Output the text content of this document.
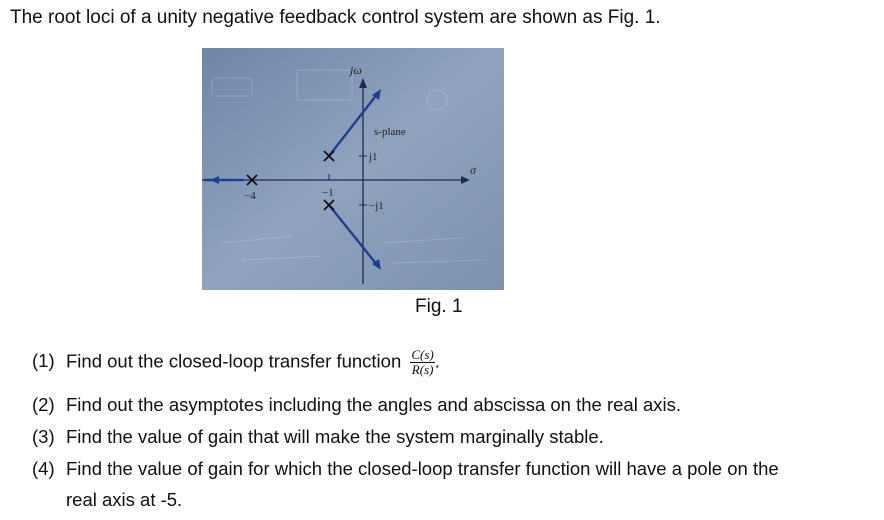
The root loci of a unity negative feedback control system are shown as Fig. 1.
jω
σ
s-plane
j1
−j1
−4	−1
Fig. 1
(1) Find out the closed-loop transfer function $\frac{C(s)}{R(s)}$ .
(2) Find out the asymptotes including the angles and abscissa on the real axis.
(3) Find the value of gain that will make the system marginally stable.
(4) Find the value of gain for which the closed-loop transfer function will have a pole on the
real axis at -5.
